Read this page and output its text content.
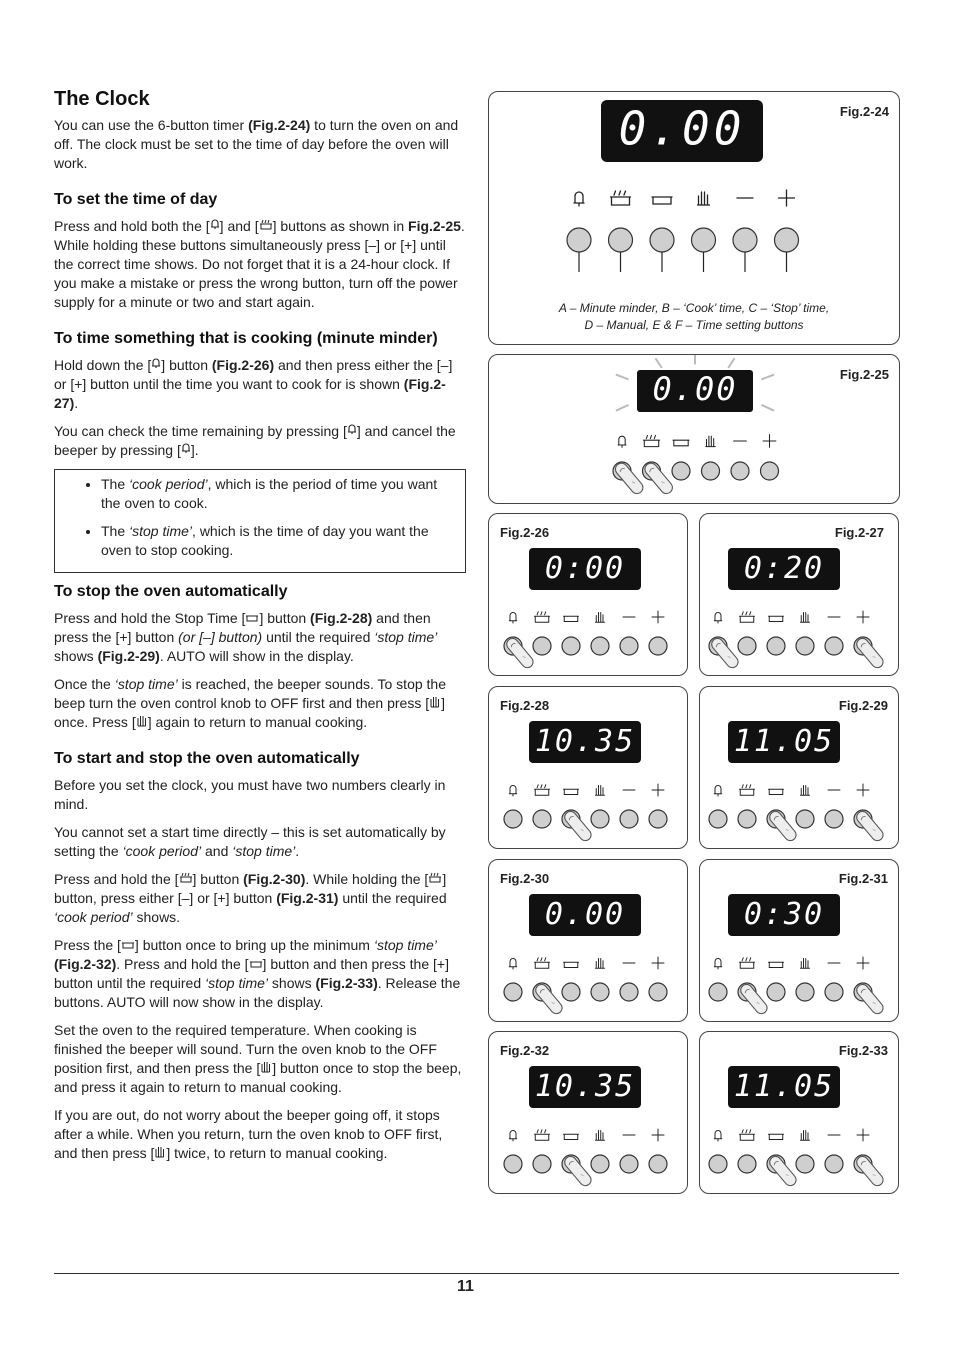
The Clock

You can use the 6-button timer (Fig.2-24) to turn the oven on and off. The clock must be set to the time of day before the oven will work.

To set the time of day

Press and hold both the [ ] and [ ] buttons as shown in Fig.2-25. While holding these buttons simultaneously press [–] or [+] until the correct time shows. Do not forget that it is a 24-hour clock. If you make a mistake or press the wrong button, turn off the power supply for a minute or two and start again.

To time something that is cooking (minute minder)

Hold down the [ ] button (Fig.2-26) and then press either the [–] or [+] button until the time you want to cook for is shown (Fig.2-27).

You can check the time remaining by pressing [ ] and cancel the beeper by pressing [ ].

• The ‘cook period’, which is the period of time you want the oven to cook.
• The ‘stop time’, which is the time of day you want the oven to stop cooking.
To stop the oven automatically

Press and hold the Stop Time [ ] button (Fig.2-28) and then press the [+] button (or [–] button) until the required ‘stop time’ shows (Fig.2-29). AUTO will show in the display.

Once the ‘stop time’ is reached, the beeper sounds. To stop the beep turn the oven control knob to OFF first and then press [ ] once. Press [ ] again to return to manual cooking.

To start and stop the oven automatically

Before you set the clock, you must have two numbers clearly in mind.

You cannot set a start time directly – this is set automatically by setting the ‘cook period’ and ‘stop time’.

Press and hold the [ ] button (Fig.2-30). While holding the [ ] button, press either [–] or [+] button (Fig.2-31) until the required ‘cook period’ shows.

Press the [ ] button once to bring up the minimum ‘stop time’ (Fig.2-32). Press and hold the [ ] button and then press the [+] button until the required ‘stop time’ shows (Fig.2-33). Release the buttons. AUTO will now show in the display.

Set the oven to the required temperature. When cooking is finished the beeper will sound. Turn the oven knob to the OFF position first, and then press the [ ] button once to stop the beep, and press it again to return to manual cooking.

If you are out, do not worry about the beeper going off, it stops after a while. When you return, turn the oven knob to OFF first, and then press [ ] twice, to return to manual cooking.

0.00	Fig.2-24
A – Minute minder, B – ‘Cook’ time, C – ‘Stop’ time,
D – Manual, E & F – Time setting buttons
0.00	Fig.2-25
0:00
Fig.2-26
0:20
Fig.2-27
10.35
Fig.2-28
11.05
Fig.2-29
0.00
Fig.2-30
0:30
Fig.2-31
10.35
Fig.2-32
11.05
Fig.2-33
11
